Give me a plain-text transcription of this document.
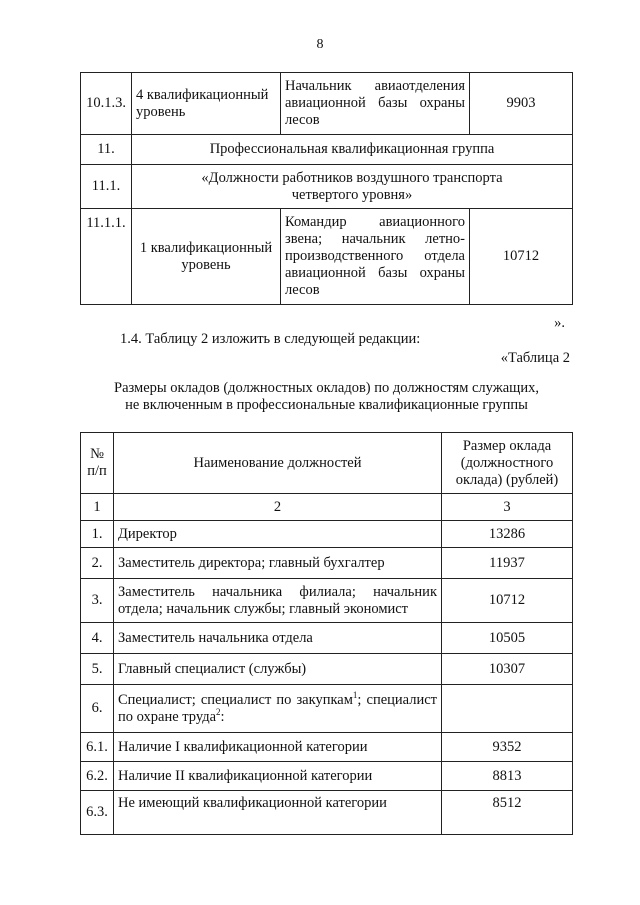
8
10.1.3.	4 квалификационный уровень	Начальник авиаотделения авиационной базы охраны лесов	9903
11.	Профессиональная квалификационная группа		
11.1.	«Должности работников воздушного транспорта четвертого уровня»		
11.1.1.	1 квалификационный уровень	Командир авиационного звена; начальник летно-производственного отдела авиационной базы охраны лесов	10712
».
1.4. Таблицу 2 изложить в следующей редакции:
«Таблица 2
Размеры окладов (должностных окладов) по должностям служащих,
не включенным в профессиональные квалификационные группы
№ п/п	Наименование должностей	Размер оклада (должностного оклада) (рублей)
1	2	3
1.	Директор	13286
2.	Заместитель директора; главный бухгалтер	11937
3.	Заместитель начальника филиала; начальник отдела; начальник службы; главный экономист	10712
4.	Заместитель начальника отдела	10505
5.	Главный специалист (службы)	10307
6.	Специалист; специалист по закупкам$^1$; специалист по охране труда$^2$:	
6.1.	Наличие I квалификационной категории	9352
6.2.	Наличие II квалификационной категории	8813
6.3.	Не имеющий квалификационной категории	8512
